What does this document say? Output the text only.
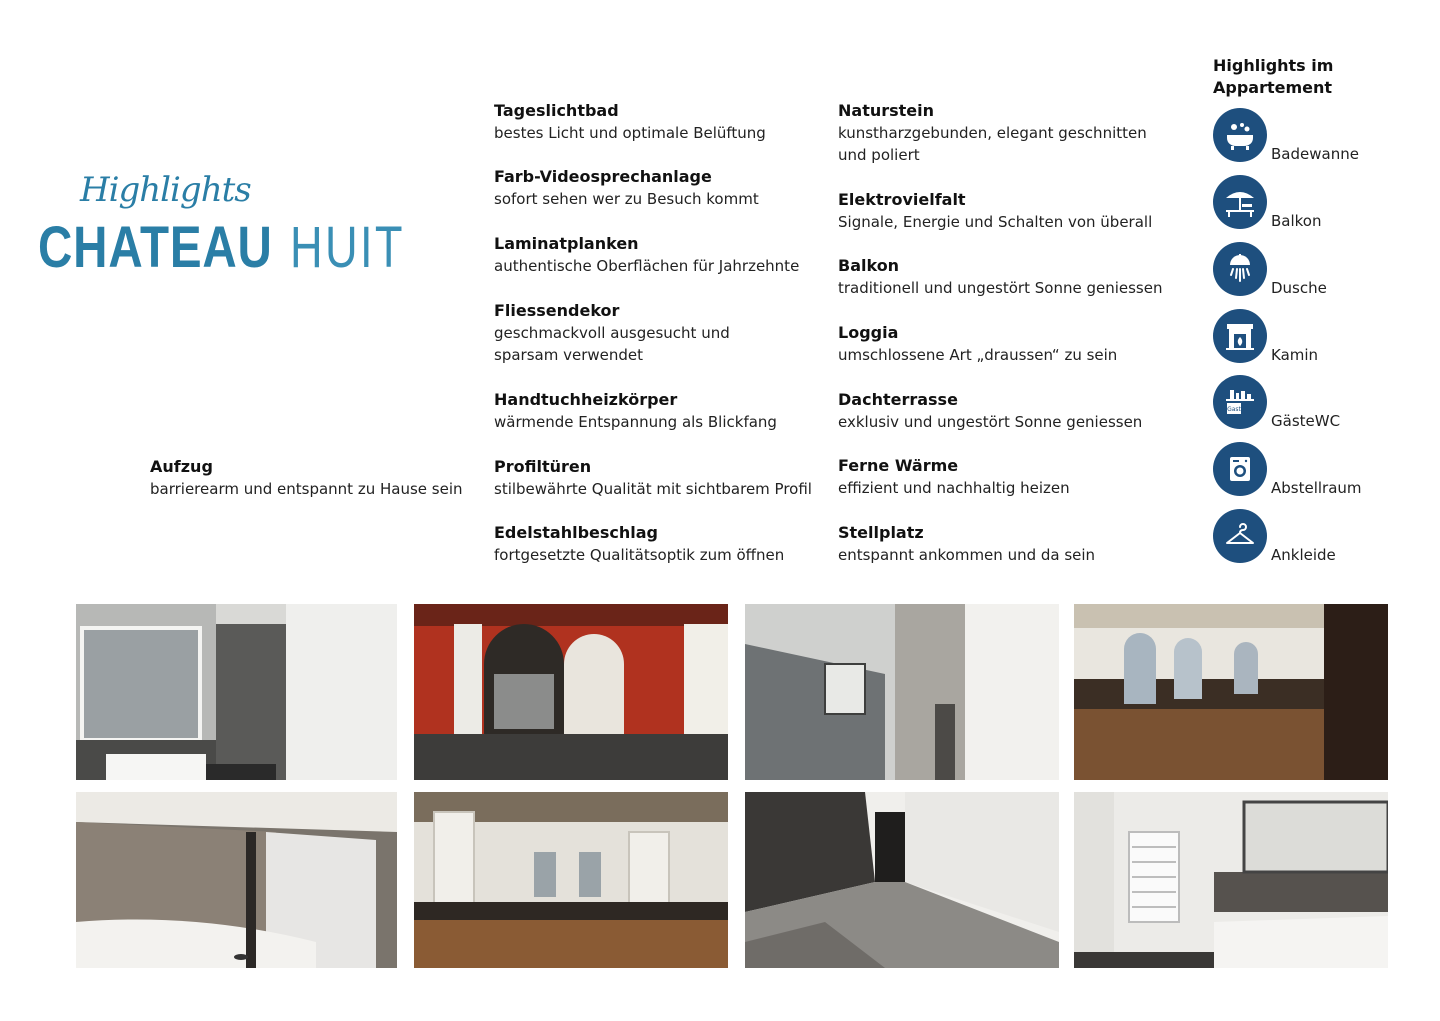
Highlights
CHATEAU HUIT
Aufzug
barrierearm und entspannt zu Hause sein
Tageslichtbad
bestes Licht und optimale Belüftung
Farb-Videosprechanlage
sofort sehen wer zu Besuch kommt
Laminatplanken
authentische Oberflächen für Jahrzehnte
Fliessendekor
geschmackvoll ausgesucht und
sparsam verwendet
Handtuchheizkörper
wärmende Entspannung als Blickfang
Profiltüren
stilbewährte Qualität mit sichtbarem Profil
Edelstahlbeschlag
fortgesetzte Qualitätsoptik zum öffnen
Naturstein
kunstharzgebunden, elegant geschnitten
und poliert
Elektrovielfalt
Signale, Energie und Schalten von überall
Balkon
traditionell und ungestört Sonne geniessen
Loggia
umschlossene Art „draussen“ zu sein
Dachterrasse
exklusiv und ungestört Sonne geniessen
Ferne Wärme
effizient und nachhaltig heizen
Stellplatz
entspannt ankommen und da sein
Highlights im
Appartement
Badewanne
Balkon
Dusche
Kamin
Gast
GästeWC
Abstellraum
Ankleide
